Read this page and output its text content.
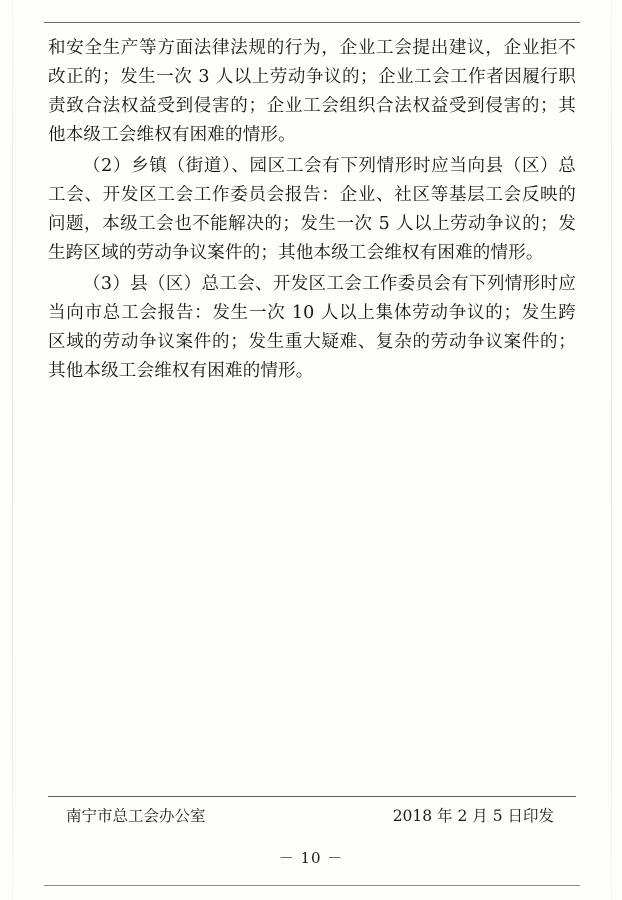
和安全生产等方面法律法规的行为，企业工会提出建议，企业拒不改正的；发生一次 3 人以上劳动争议的；企业工会工作者因履行职责致合法权益受到侵害的；企业工会组织合法权益受到侵害的；其他本级工会维权有困难的情形。

（2）乡镇（街道）、园区工会有下列情形时应当向县（区）总工会、开发区工会工作委员会报告：企业、社区等基层工会反映的问题，本级工会也不能解决的；发生一次 5 人以上劳动争议的；发生跨区域的劳动争议案件的；其他本级工会维权有困难的情形。

（3）县（区）总工会、开发区工会工作委员会有下列情形时应当向市总工会报告：发生一次 10 人以上集体劳动争议的；发生跨区域的劳动争议案件的；发生重大疑难、复杂的劳动争议案件的；其他本级工会维权有困难的情形。

南宁市总工会办公室	2018 年 2 月 5 日印发
－ 10 －
